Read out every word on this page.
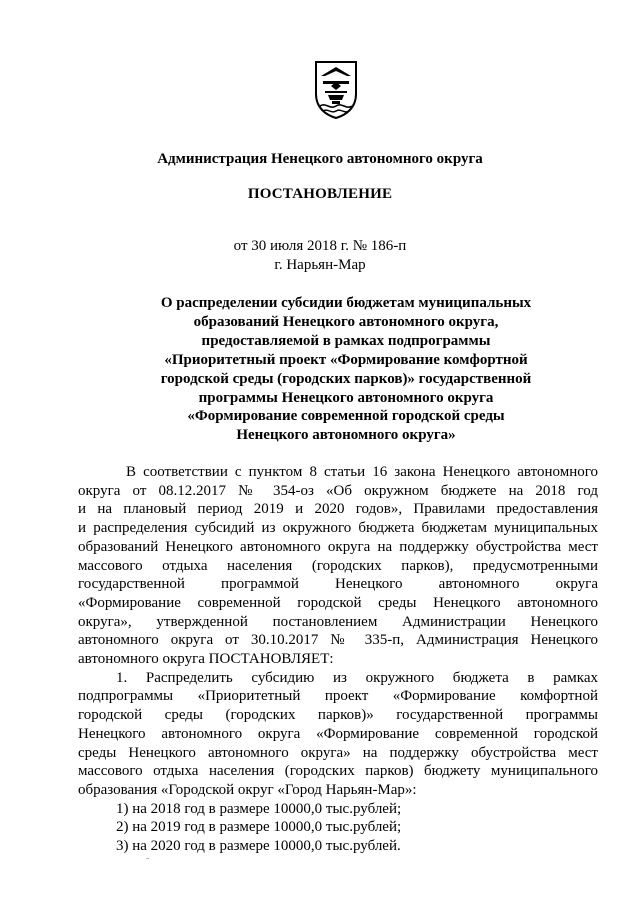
Администрация Ненецкого автономного округа
ПОСТАНОВЛЕНИЕ
от 30 июля 2018 г. № 186-п
г. Нарьян-Мар
О распределении субсидии бюджетам муниципальных
образований Ненецкого автономного округа,
предоставляемой в рамках подпрограммы
«Приоритетный проект «Формирование комфортной
городской среды (городских парков)» государственной
программы Ненецкого автономного округа
«Формирование современной городской среды
Ненецкого автономного округа»
В соответствии с пунктом 8 статьи 16 закона Ненецкого автономного
округа от 08.12.2017 № 354-оз «Об окружном бюджете на 2018 год
и на плановый период 2019 и 2020 годов», Правилами предоставления
и распределения субсидий из окружного бюджета бюджетам муниципальных
образований Ненецкого автономного округа на поддержку обустройства мест
массового отдыха населения (городских парков), предусмотренными
государственной программой Ненецкого автономного округа
«Формирование современной городской среды Ненецкого автономного
округа», утвержденной постановлением Администрации Ненецкого
автономного округа от 30.10.2017 № 335-п, Администрация Ненецкого
автономного округа ПОСТАНОВЛЯЕТ:
1. Распределить субсидию из окружного бюджета в рамках
подпрограммы «Приоритетный проект «Формирование комфортной
городской среды (городских парков)» государственной программы
Ненецкого автономного округа «Формирование современной городской
среды Ненецкого автономного округа» на поддержку обустройства мест
массового отдыха населения (городских парков) бюджету муниципального
образования «Городской округ «Город Нарьян-Мар»:
1) на 2018 год в размере 10000,0 тыс.рублей;
2) на 2019 год в размере 10000,0 тыс.рублей;
3) на 2020 год в размере 10000,0 тыс.рублей.
